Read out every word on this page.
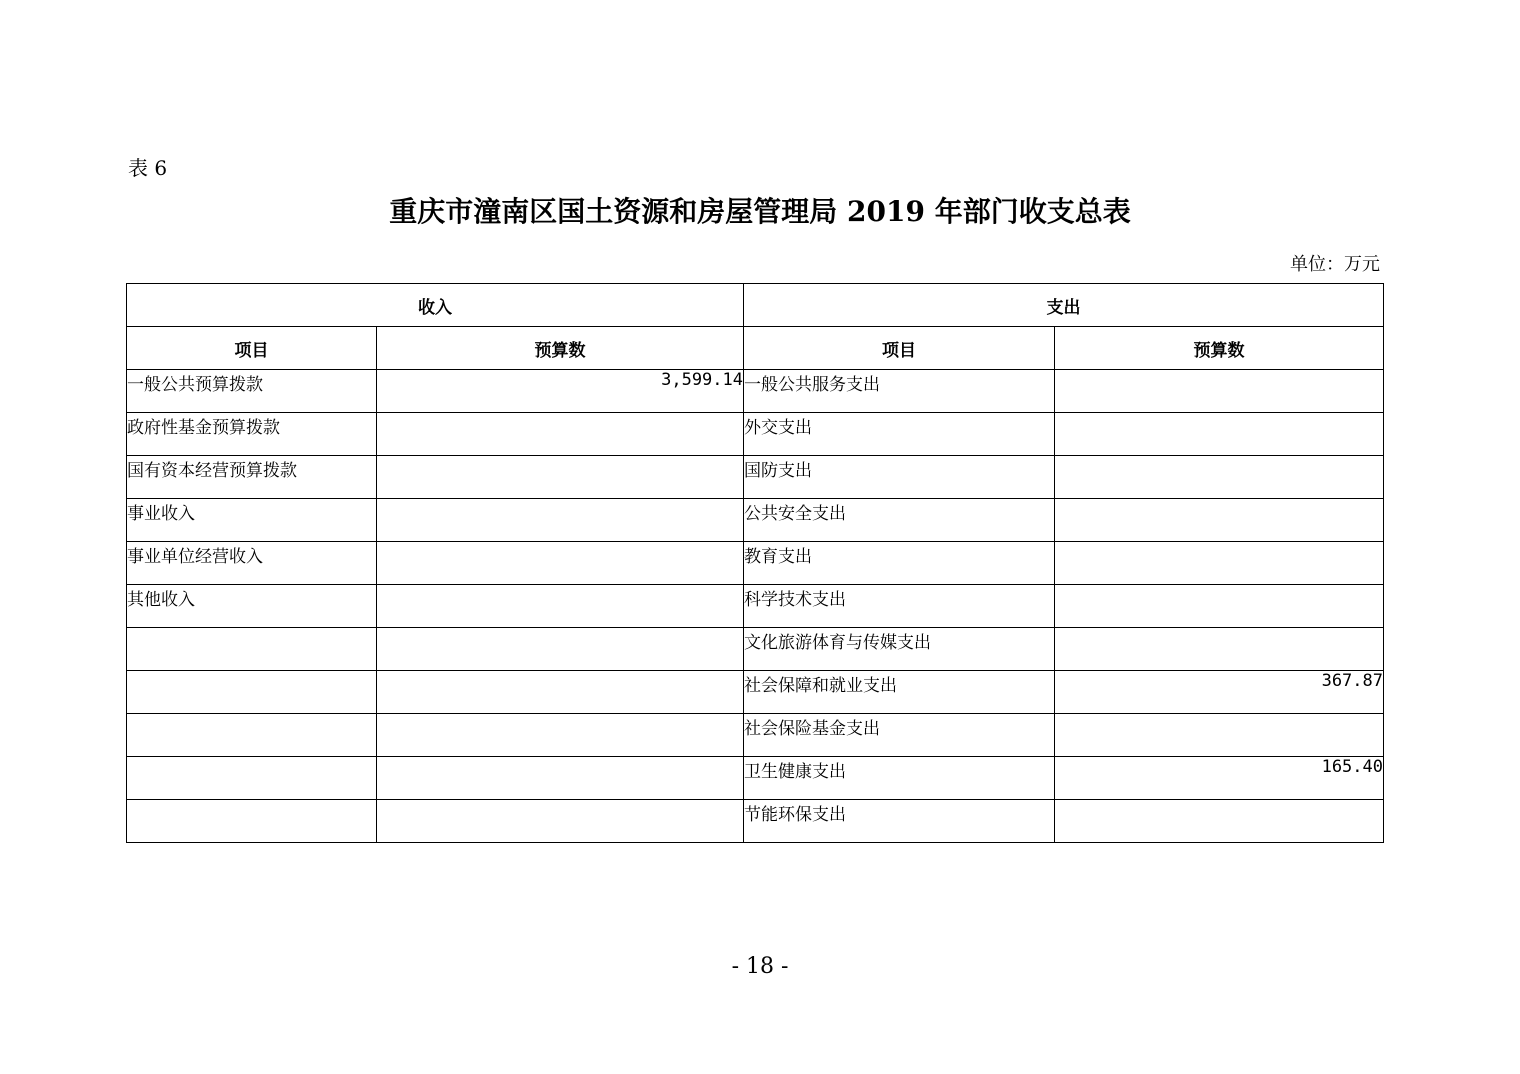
表 6
重庆市潼南区国土资源和房屋管理局 2019 年部门收支总表
单位：万元
收入		支出	
项目	预算数	项目	预算数
一般公共预算拨款	3,599.14	一般公共服务支出	
政府性基金预算拨款		外交支出	
国有资本经营预算拨款		国防支出	
事业收入		公共安全支出	
事业单位经营收入		教育支出	
其他收入		科学技术支出	
		文化旅游体育与传媒支出	
		社会保障和就业支出	367.87
		社会保险基金支出	
		卫生健康支出	165.40
		节能环保支出	
- 18 -
